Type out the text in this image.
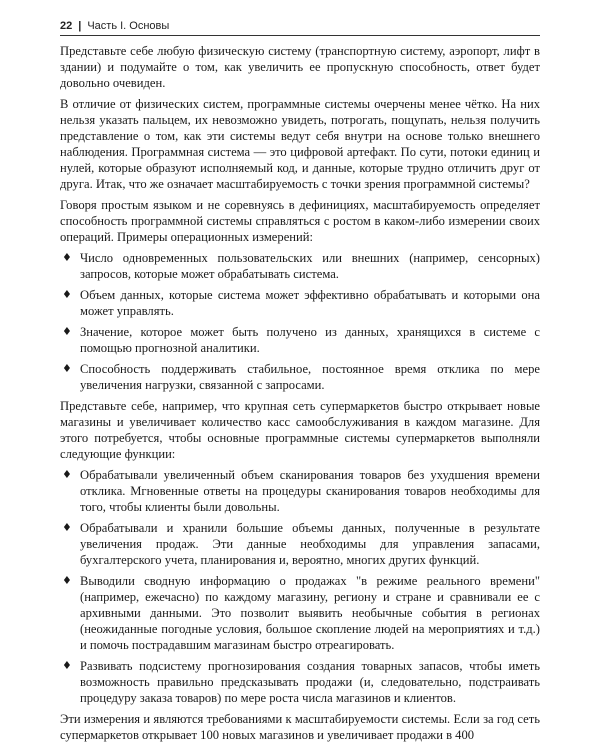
22 | Часть I. Основы

Представьте себе любую физическую систему (транспортную систему, аэропорт, лифт в здании) и подумайте о том, как увеличить ее пропускную способность, ответ будет довольно очевиден.

В отличие от физических систем, программные системы очерчены менее чётко. На них нельзя указать пальцем, их невозможно увидеть, потрогать, пощупать, нельзя получить представление о том, как эти системы ведут себя внутри на основе только внешнего наблюдения. Программная система — это цифровой артефакт. По сути, потоки единиц и нулей, которые образуют исполняемый код, и данные, которые трудно отличить друг от друга. Итак, что же означает масштабируемость с точки зрения программной системы?

Говоря простым языком и не соревнуясь в дефинициях, масштабируемость определяет способность программной системы справляться с ростом в каком-либо измерении своих операций. Примеры операционных измерений:

♦ Число одновременных пользовательских или внешних (например, сенсорных) запросов, которые может обрабатывать система.
♦ Объем данных, которые система может эффективно обрабатывать и которыми она может управлять.
♦ Значение, которое может быть получено из данных, хранящихся в системе с помощью прогнозной аналитики.
♦ Способность поддерживать стабильное, постоянное время отклика по мере увеличения нагрузки, связанной с запросами.

Представьте себе, например, что крупная сеть супермаркетов быстро открывает новые магазины и увеличивает количество касс самообслуживания в каждом магазине. Для этого потребуется, чтобы основные программные системы супермаркетов выполняли следующие функции:

♦ Обрабатывали увеличенный объем сканирования товаров без ухудшения времени отклика. Мгновенные ответы на процедуры сканирования товаров необходимы для того, чтобы клиенты были довольны.
♦ Обрабатывали и хранили большие объемы данных, полученные в результате увеличения продаж. Эти данные необходимы для управления запасами, бухгалтерского учета, планирования и, вероятно, многих других функций.
♦ Выводили сводную информацию о продажах "в режиме реального времени" (например, ежечасно) по каждому магазину, региону и стране и сравнивали ее с архивными данными. Это позволит выявить необычные события в регионах (неожиданные погодные условия, большое скопление людей на мероприятиях и т.д.) и помочь пострадавшим магазинам быстро отреагировать.
♦ Развивать подсистему прогнозирования создания товарных запасов, чтобы иметь возможность правильно предсказывать продажи (и, следовательно, подстраивать процедуру заказа товаров) по мере роста числа магазинов и клиентов.

Эти измерения и являются требованиями к масштабируемости системы. Если за год сеть супермаркетов открывает 100 новых магазинов и увеличивает продажи в 400
